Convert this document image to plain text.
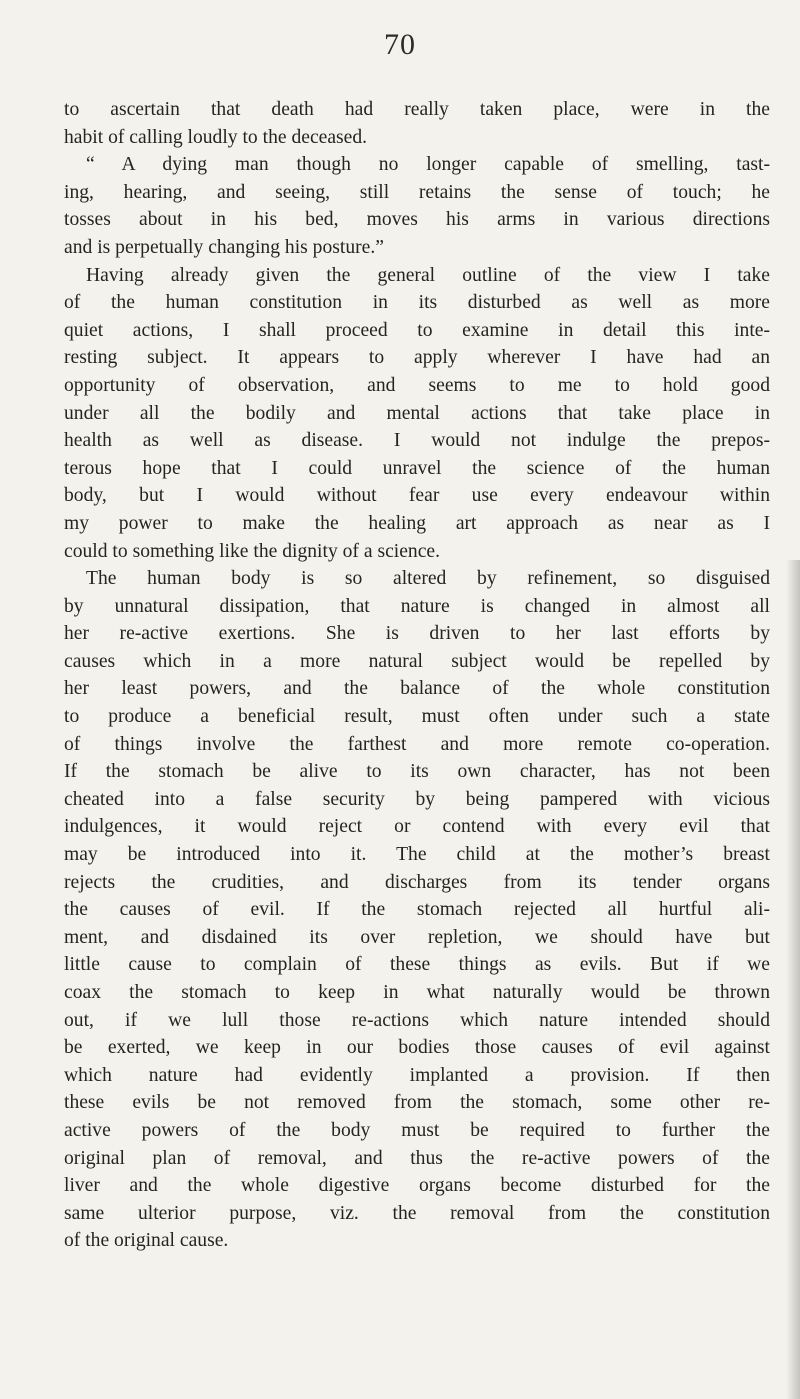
70
to ascertain that death had really taken place, were in the
habit of calling loudly to the deceased.
“ A dying man though no longer capable of smelling, tast-
ing, hearing, and seeing, still retains the sense of touch; he
tosses about in his bed, moves his arms in various directions
and is perpetually changing his posture.”
Having already given the general outline of the view I take
of the human constitution in its disturbed as well as more
quiet actions, I shall proceed to examine in detail this inte-
resting subject. It appears to apply wherever I have had an
opportunity of observation, and seems to me to hold good
under all the bodily and mental actions that take place in
health as well as disease. I would not indulge the prepos-
terous hope that I could unravel the science of the human
body, but I would without fear use every endeavour within
my power to make the healing art approach as near as I
could to something like the dignity of a science.
The human body is so altered by refinement, so disguised
by unnatural dissipation, that nature is changed in almost all
her re-active exertions. She is driven to her last efforts by
causes which in a more natural subject would be repelled by
her least powers, and the balance of the whole constitution
to produce a beneficial result, must often under such a state
of things involve the farthest and more remote co-operation.
If the stomach be alive to its own character, has not been
cheated into a false security by being pampered with vicious
indulgences, it would reject or contend with every evil that
may be introduced into it. The child at the mother’s breast
rejects the crudities, and discharges from its tender organs
the causes of evil. If the stomach rejected all hurtful ali-
ment, and disdained its over repletion, we should have but
little cause to complain of these things as evils. But if we
coax the stomach to keep in what naturally would be thrown
out, if we lull those re-actions which nature intended should
be exerted, we keep in our bodies those causes of evil against
which nature had evidently implanted a provision. If then
these evils be not removed from the stomach, some other re-
active powers of the body must be required to further the
original plan of removal, and thus the re-active powers of the
liver and the whole digestive organs become disturbed for the
same ulterior purpose, viz. the removal from the constitution
of the original cause.
